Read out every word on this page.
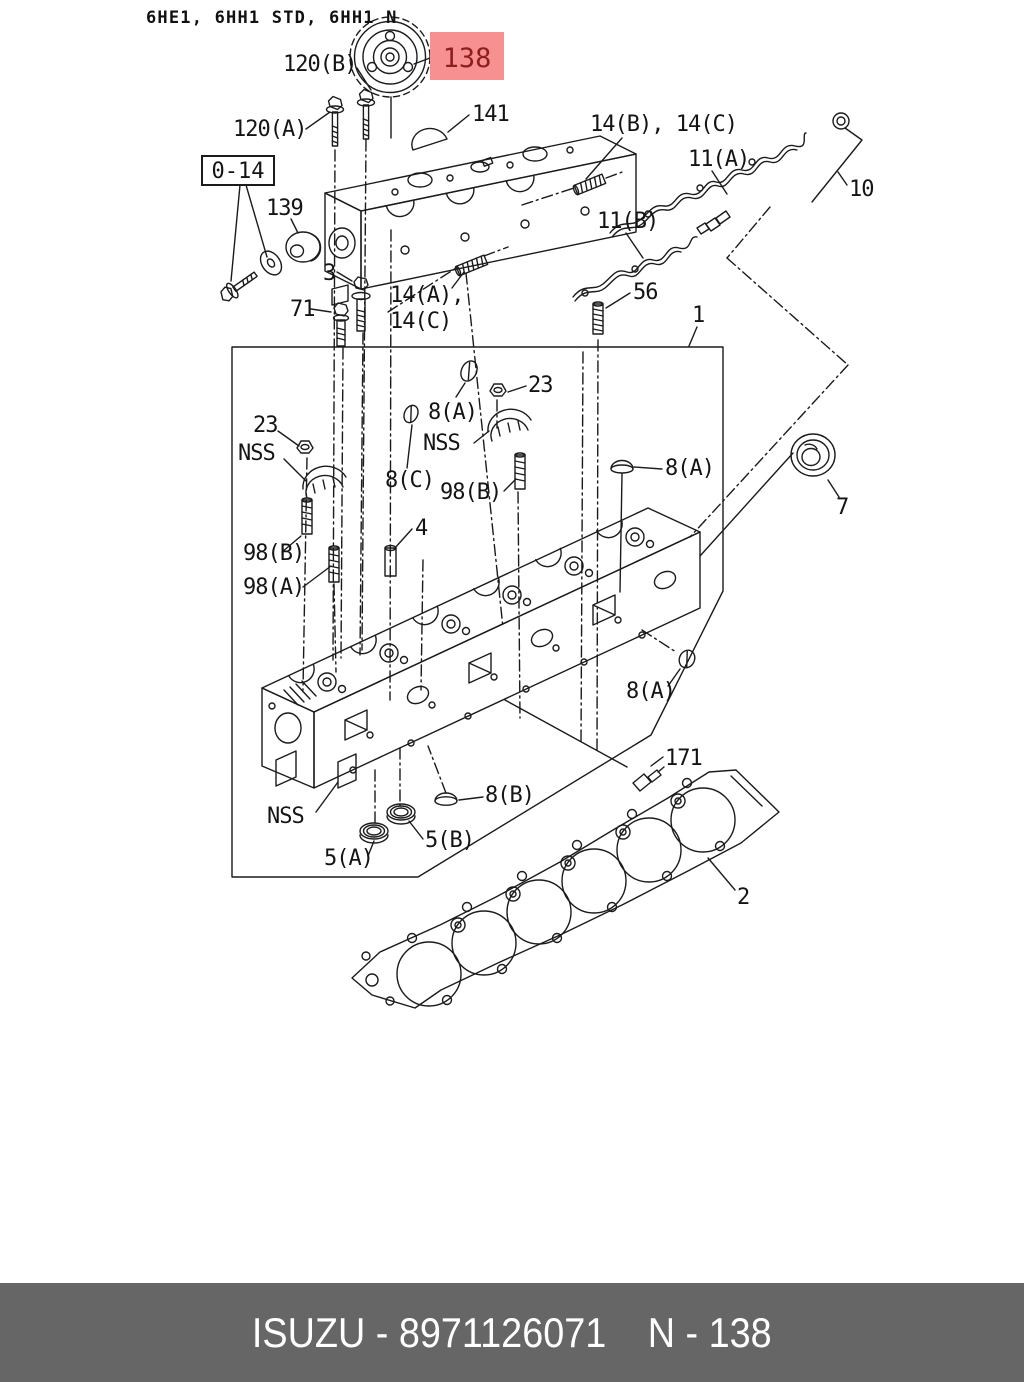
138
0-14
6HE1, 6HH1 STD, 6HH1 N
120(B)
120(A)
141	14(B), 14(C)
11(A)
10
139
11(B)
3
56
71
14(A),
14(C)	1
23
NSS
98(B)
98(A)
8(A)
23
NSS
8(C) 98(B)
4
8(A)
8(A)
7
NSS
5(A)
5(B)
8(B)
171
2
ISUZU - 8971126071 N - 138
